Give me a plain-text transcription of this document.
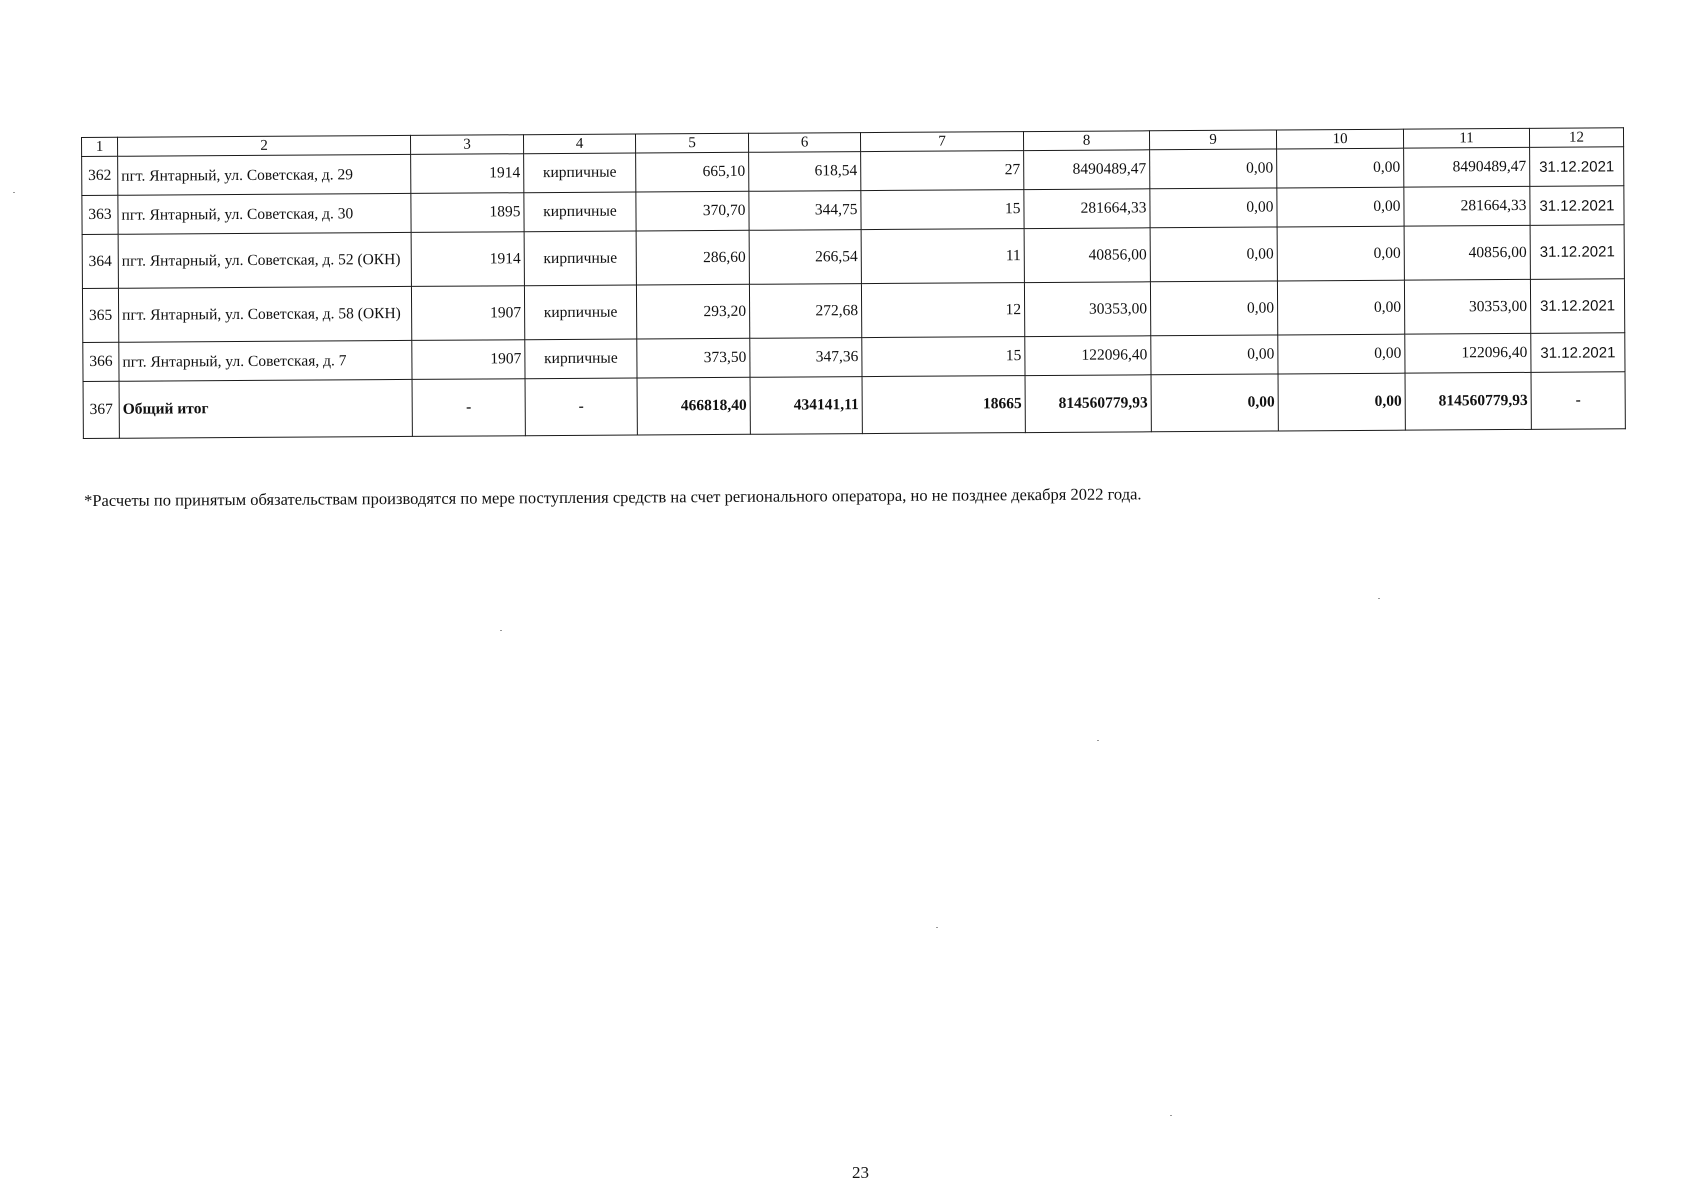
1	2	3	4	5	6	7	8	9	10	11	12
362	пгт. Янтарный, ул. Советская, д. 29	1914	кирпичные	665,10	618,54	27	8490489,47	0,00	0,00	8490489,47	31.12.2021
363	пгт. Янтарный, ул. Советская, д. 30	1895	кирпичные	370,70	344,75	15	281664,33	0,00	0,00	281664,33	31.12.2021
364	пгт. Янтарный, ул. Советская, д. 52 (ОКН)	1914	кирпичные	286,60	266,54	11	40856,00	0,00	0,00	40856,00	31.12.2021
365	пгт. Янтарный, ул. Советская, д. 58 (ОКН)	1907	кирпичные	293,20	272,68	12	30353,00	0,00	0,00	30353,00	31.12.2021
366	пгт. Янтарный, ул. Советская, д. 7	1907	кирпичные	373,50	347,36	15	122096,40	0,00	0,00	122096,40	31.12.2021
367	Общий итог	-	-	466818,40	434141,11	18665	814560779,93	0,00	0,00	814560779,93	-
*Расчеты по принятым обязательствам производятся по мере поступления средств на счет регионального оператора, но не позднее декабря 2022 года.
23
